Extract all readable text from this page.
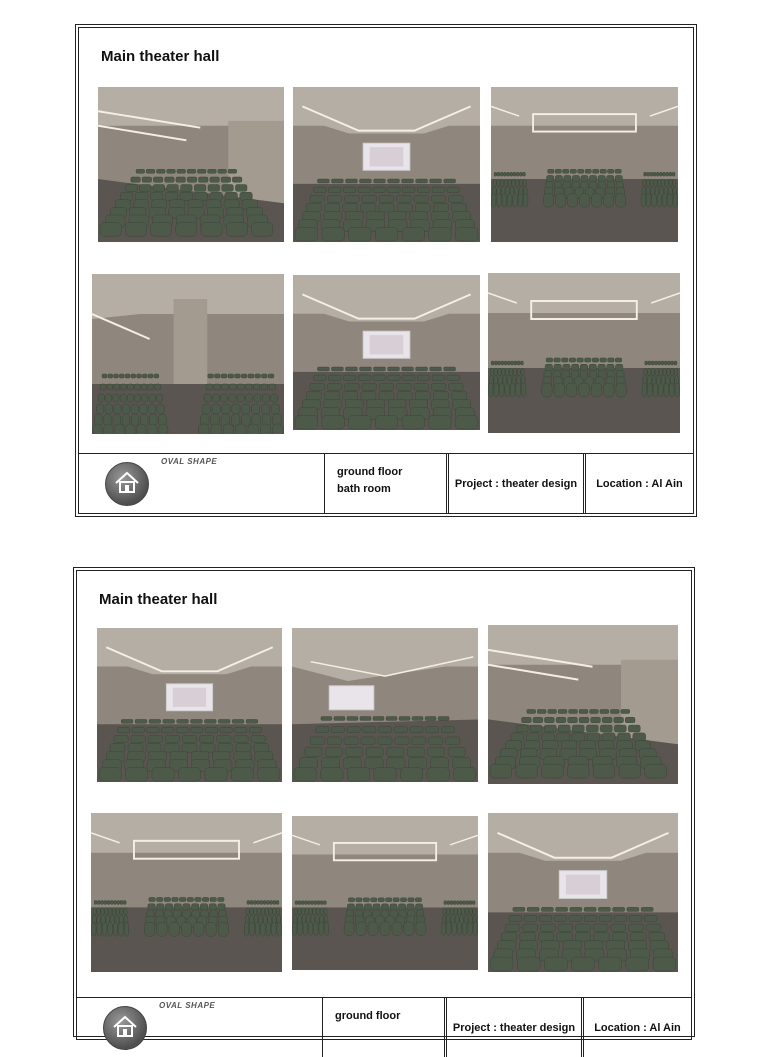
Main theater hall
OVAL SHAPE
ground floor
bath room	Project : theater design Location : Al Ain
Main theater hall
OVAL SHAPE
ground floor
Project : theater design Location : Al Ain
